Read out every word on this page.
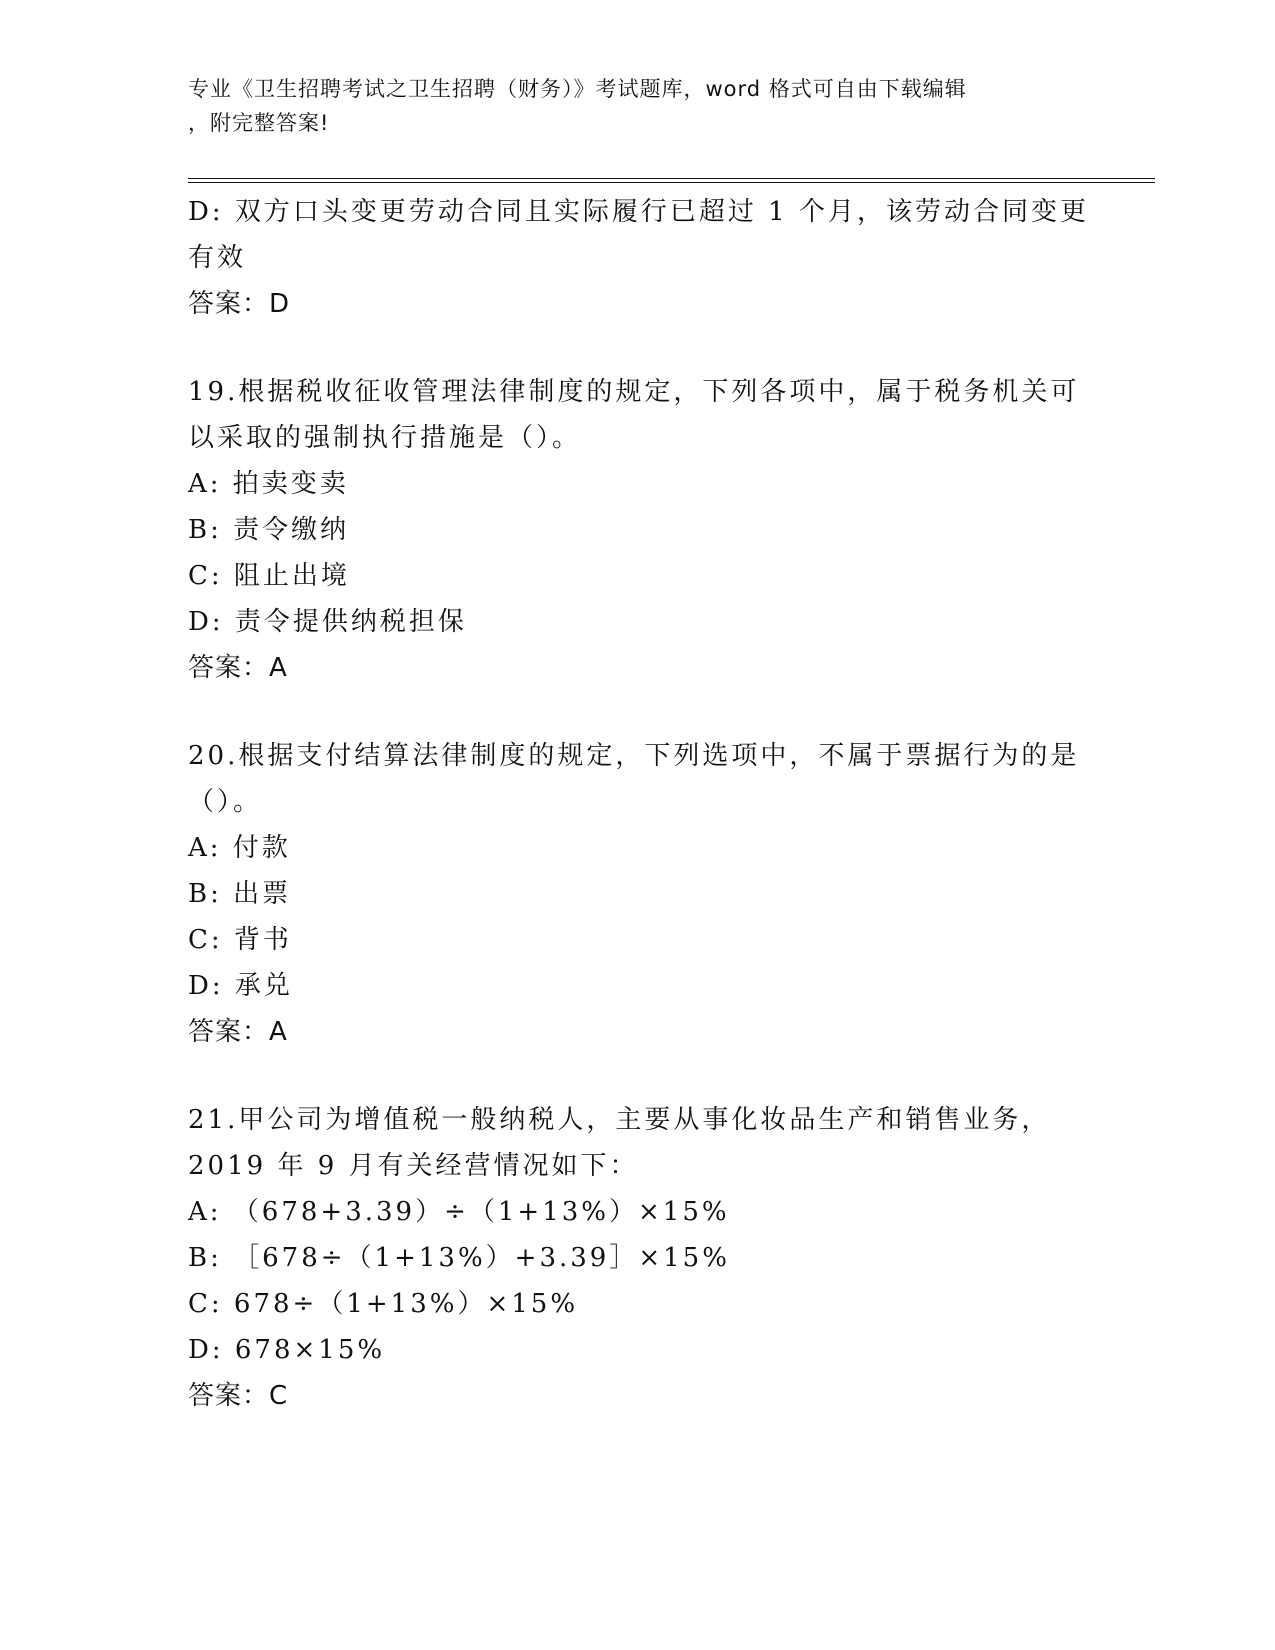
专业《卫生招聘考试之卫生招聘（财务）》考试题库，word 格式可自由下载编辑
，附完整答案!
D: 双方口头变更劳动合同且实际履行已超过 1 个月，该劳动合同变更
有效
答案：D
19.根据税收征收管理法律制度的规定，下列各项中，属于税务机关可
以采取的强制执行措施是（）。
A: 拍卖变卖
B: 责令缴纳
C: 阻止出境
D: 责令提供纳税担保
答案：A
20.根据支付结算法律制度的规定，下列选项中，不属于票据行为的是
（）。
A: 付款
B: 出票
C: 背书
D: 承兑
答案：A
21.甲公司为增值税一般纳税人，主要从事化妆品生产和销售业务，
2019 年 9 月有关经营情况如下：
A: （678+3.39）÷（1+13%）×15%
B: ［678÷（1+13%）+3.39］×15%
C: 678÷（1+13%）×15%
D: 678×15%
答案：C
